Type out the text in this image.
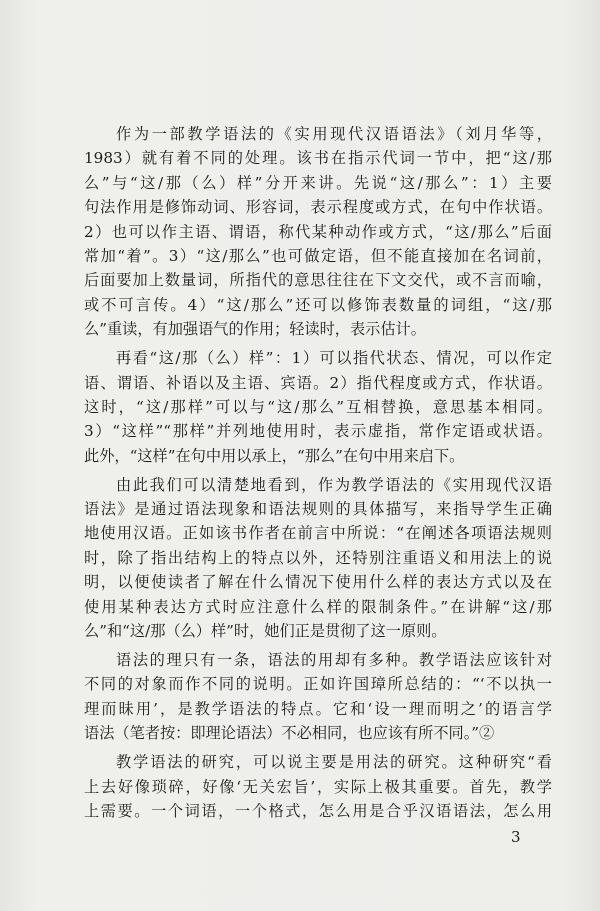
作为一部教学语法的《实用现代汉语语法》（刘月华等，
1983）就有着不同的处理。该书在指示代词一节中，把“这/那
么”与“这/那（么）样”分开来讲。先说“这/那么”：1）主要
句法作用是修饰动词、形容词，表示程度或方式，在句中作状语。
2）也可以作主语、谓语，称代某种动作或方式，“这/那么”后面
常加“着”。3）“这/那么”也可做定语，但不能直接加在名词前，
后面要加上数量词，所指代的意思往往在下文交代，或不言而喻，
或不可言传。4）“这/那么”还可以修饰表数量的词组，“这/那
么”重读，有加强语气的作用；轻读时，表示估计。
再看“这/那（么）样”：1）可以指代状态、情况，可以作定
语、谓语、补语以及主语、宾语。2）指代程度或方式，作状语。
这时，“这/那样”可以与“这/那么”互相替换，意思基本相同。
3）“这样”“那样”并列地使用时，表示虚指，常作定语或状语。
此外，“这样”在句中用以承上，“那么”在句中用来启下。
由此我们可以清楚地看到，作为教学语法的《实用现代汉语
语法》是通过语法现象和语法规则的具体描写，来指导学生正确
地使用汉语。正如该书作者在前言中所说：“在阐述各项语法规则
时，除了指出结构上的特点以外，还特别注重语义和用法上的说
明，以便使读者了解在什么情况下使用什么样的表达方式以及在
使用某种表达方式时应注意什么样的限制条件。”在讲解“这/那
么”和“这/那（么）样”时，她们正是贯彻了这一原则。
语法的理只有一条，语法的用却有多种。教学语法应该针对
不同的对象而作不同的说明。正如许国璋所总结的：“‘不以执一
理而昧用’，是教学语法的特点。它和‘设一理而明之’的语言学
语法（笔者按：即理论语法）不必相同，也应该有所不同。”②
教学语法的研究，可以说主要是用法的研究。这种研究“看
上去好像琐碎，好像‘无关宏旨’，实际上极其重要。首先，教学
上需要。一个词语，一个格式，怎么用是合乎汉语语法，怎么用
3
